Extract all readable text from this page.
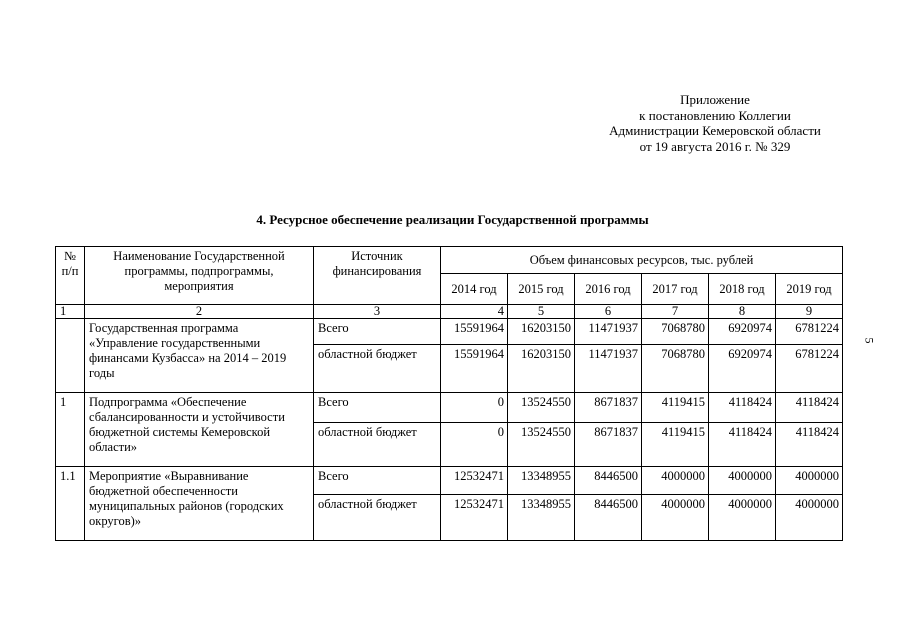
Приложение
к постановлению Коллегии
Администрации Кемеровской области
от 19 августа 2016 г. № 329
4. Ресурсное обеспечение реализации Государственной программы
5
№ п/п	Наименование Государственной программы, подпрограммы, мероприятия	Источник финансирования	Объем финансовых ресурсов, тыс. рублей					
			2014 год	2015 год	2016 год	2017 год	2018 год	2019 год
1	2	3	4	5	6	7	8	9
	Государственная программа «Управление государственными финансами Кузбасса» на 2014 – 2019 годы	Всего	15591964	16203150	11471937	7068780	6920974	6781224
		областной бюджет	15591964	16203150	11471937	7068780	6920974	6781224
1	Подпрограмма «Обеспечение сбалансированности и устойчивости бюджетной системы Кемеровской области»	Всего	0	13524550	8671837	4119415	4118424	4118424
		областной бюджет	0	13524550	8671837	4119415	4118424	4118424
1.1	Мероприятие «Выравнивание бюджетной обеспеченности муниципальных районов (городских округов)»	Всего	12532471	13348955	8446500	4000000	4000000	4000000
		областной бюджет	12532471	13348955	8446500	4000000	4000000	4000000
